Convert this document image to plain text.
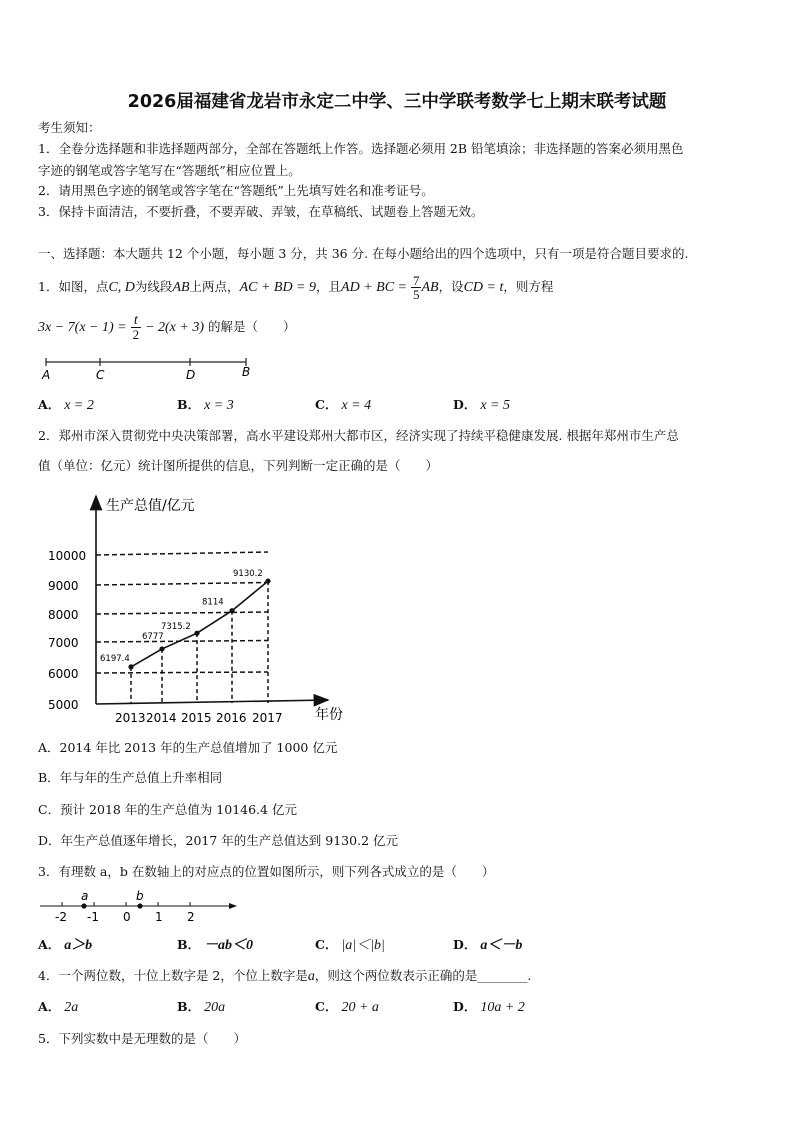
2026届福建省龙岩市永定二中学、三中学联考数学七上期末联考试题
考生须知：
1．全卷分选择题和非选择题两部分，全部在答题纸上作答。选择题必须用 2B 铅笔填涂；非选择题的答案必须用黑色
字迹的钢笔或答字笔写在“答题纸”相应位置上。
2．请用黑色字迹的钢笔或答字笔在“答题纸”上先填写姓名和准考证号。
3．保持卡面清洁，不要折叠，不要弄破、弄皱，在草稿纸、试题卷上答题无效。
一、选择题：本大题共 12 个小题，每小题 3 分，共 36 分. 在每小题给出的四个选项中，只有一项是符合题目要求的.
1．如图，点C, D为线段AB上两点，AC + BD = 9，且AD + BC = $\frac{7}{5}$ AB，设CD = t，则方程
$3x - 7(x - 1) = \frac{t}{2} - 2(x + 3)$ 的解是（　　）
A	C	D	B
A． x = 2	B． x = 3	C． x = 4	D． x = 5
2．郑州市深入贯彻党中央决策部署，高水平建设郑州大都市区，经济实现了持续平稳健康发展. 根据年郑州市生产总
值（单位：亿元）统计图所提供的信息，下列判断一定正确的是（　　）
生产总值/亿元
年份
10000
9000
8000
7000
6000
5000
2013 2014 2015 2016 2017
6197.4
6777
7315.2
8114
9130.2
A．2014 年比 2013 年的生产总值增加了 1000 亿元
B．年与年的生产总值上升率相同
C．预计 2018 年的生产总值为 10146.4 亿元
D．年生产总值逐年增长，2017 年的生产总值达到 9130.2 亿元
3．有理数 a，b 在数轴上的对应点的位置如图所示，则下列各式成立的是（　　）
-2 -1 0 1 2
a	b
A． a＞b	B． －ab＜0	C． |a|＜|b|	D． a＜－b
4．一个两位数，十位上数字是 2，个位上数字是a，则这个两位数表示正确的是________.
A． 2a	B． 20a	C． 20 + a	D． 10a + 2
5．下列实数中是无理数的是（　　）
